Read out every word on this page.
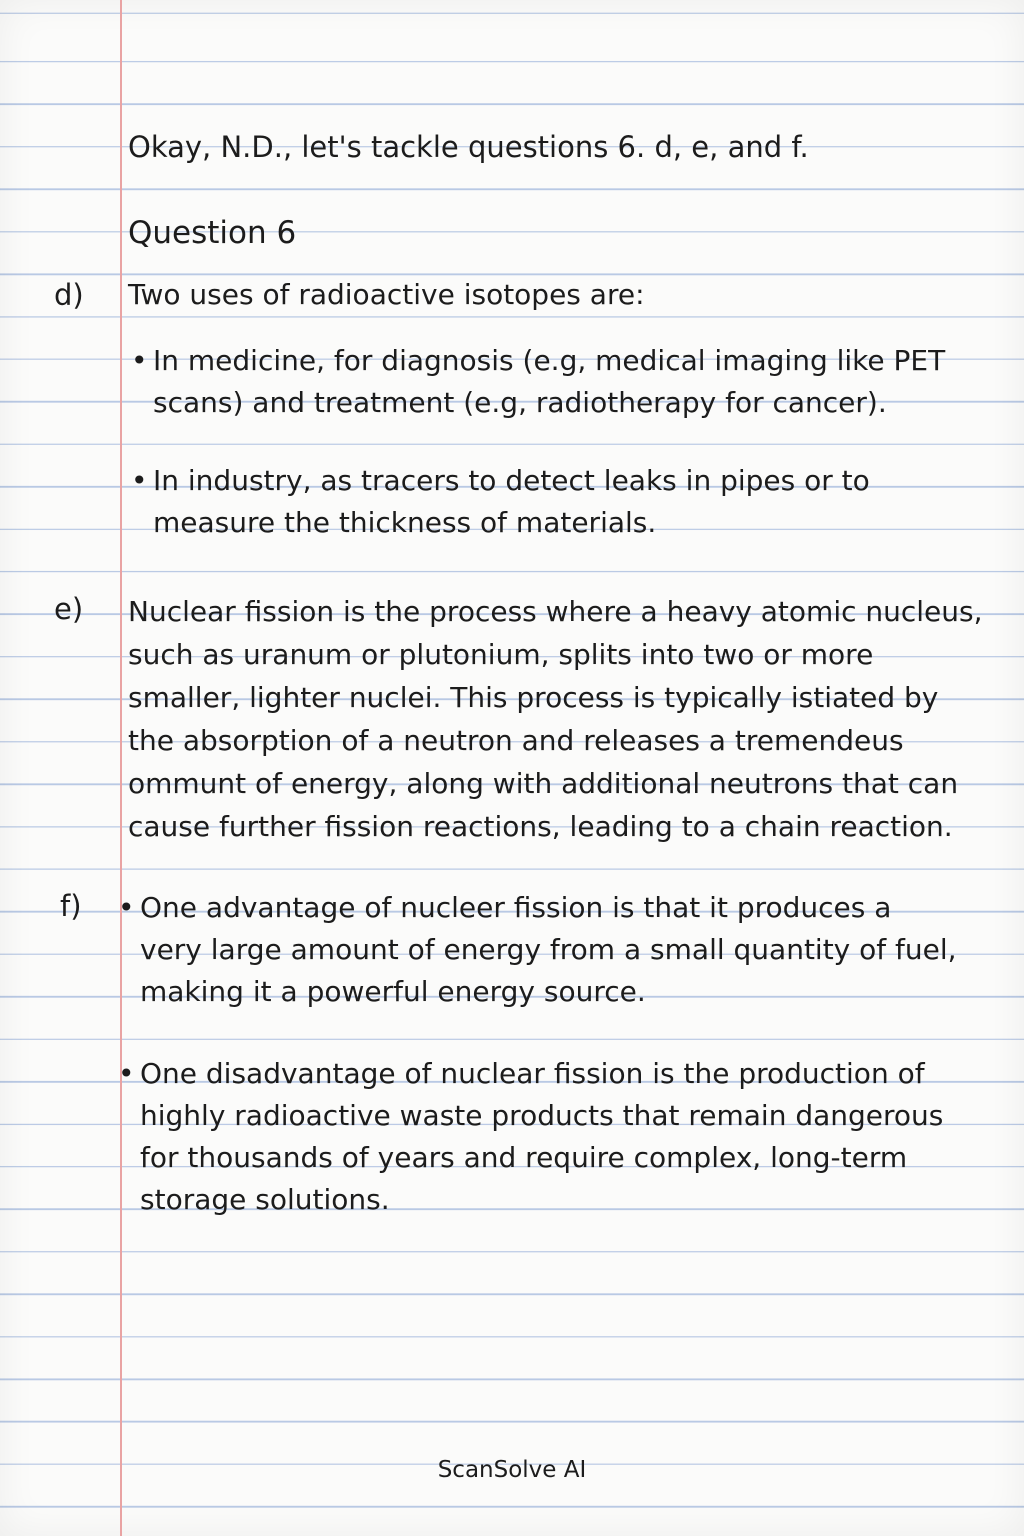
Okay, N.D., let's tackle questions 6. d, e, and f.
Question 6
d) Two uses of radioactive isotopes are:
• In medicine, for diagnosis (e.g, medical imaging like PET scans) and treatment (e.g, radiotherapy for cancer).
• In industry, as tracers to detect leaks in pipes or to measure the thickness of materials.
e) Nuclear fission is the process where a heavy atomic nucleus, such as uranum or plutonium, splits into two or more smaller, lighter nuclei. This process is typically istiated by the absorption of a neutron and releases a tremendeus ommunt of energy, along with additional neutrons that can cause further fission reactions, leading to a chain reaction.
f) • One advantage of nucleer fission is that it produces a very large amount of energy from a small quantity of fuel, making it a powerful energy source.
• One disadvantage of nuclear fission is the production of highly radioactive waste products that remain dangerous for thousands of years and require complex, long-term storage solutions.
ScanSolve AI
